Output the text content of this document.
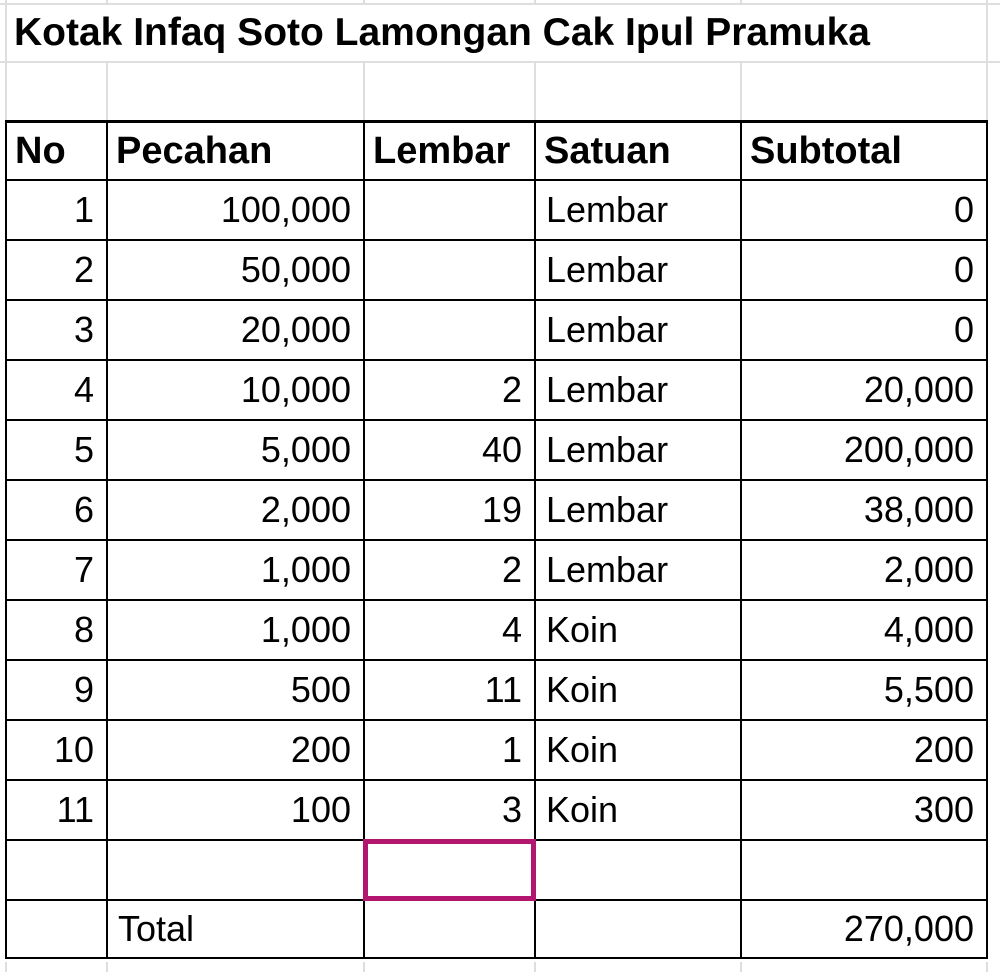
Kotak Infaq Soto Lamongan Cak Ipul Pramuka
No	Pecahan	Lembar	Satuan	Subtotal
1	100,000		Lembar	0
2	50,000		Lembar	0
3	20,000		Lembar	0
4	10,000	2	Lembar	20,000
5	5,000	40	Lembar	200,000
6	2,000	19	Lembar	38,000
7	1,000	2	Lembar	2,000
8	1,000	4	Koin	4,000
9	500	11	Koin	5,500
10	200	1	Koin	200
11	100	3	Koin	300

	Total			270,000
